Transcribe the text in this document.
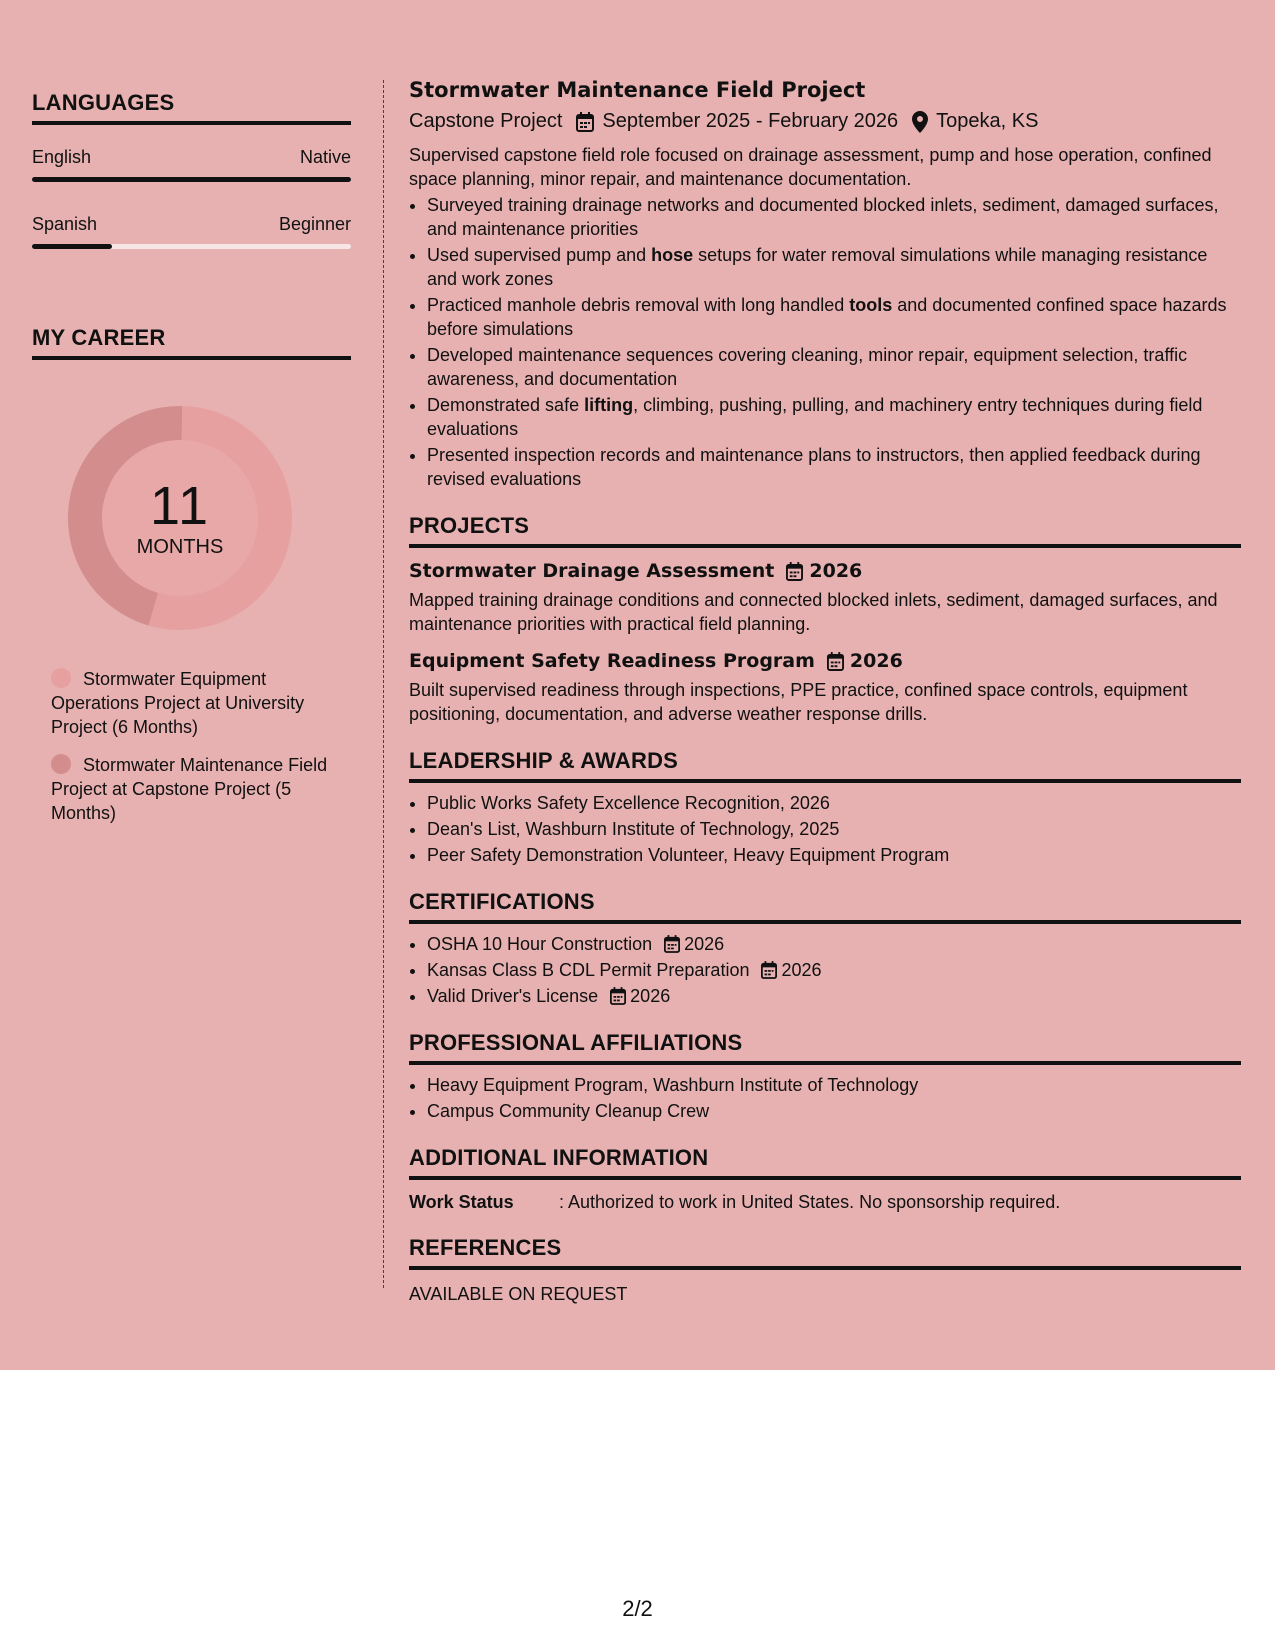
LANGUAGES
English	Native
Spanish	Beginner
MY CAREER
11
MONTHS
Stormwater Equipment Operations Project at University Project (6 Months)
Stormwater Maintenance Field Project at Capstone Project (5 Months)
Stormwater Maintenance Field Project
Capstone Project September 2025 - February 2026 Topeka, KS
Supervised capstone field role focused on drainage assessment, pump and hose operation, confined space planning, minor repair, and maintenance documentation.
• Surveyed training drainage networks and documented blocked inlets, sediment, damaged surfaces, and maintenance priorities
• Used supervised pump and hose setups for water removal simulations while managing resistance and work zones
• Practiced manhole debris removal with long handled tools and documented confined space hazards before simulations
• Developed maintenance sequences covering cleaning, minor repair, equipment selection, traffic awareness, and documentation
• Demonstrated safe lifting, climbing, pushing, pulling, and machinery entry techniques during field evaluations
• Presented inspection records and maintenance plans to instructors, then applied feedback during revised evaluations
PROJECTS
Stormwater Drainage Assessment 2026
Mapped training drainage conditions and connected blocked inlets, sediment, damaged surfaces, and maintenance priorities with practical field planning.
Equipment Safety Readiness Program 2026
Built supervised readiness through inspections, PPE practice, confined space controls, equipment positioning, documentation, and adverse weather response drills.
LEADERSHIP & AWARDS
• Public Works Safety Excellence Recognition, 2026
• Dean's List, Washburn Institute of Technology, 2025
• Peer Safety Demonstration Volunteer, Heavy Equipment Program
CERTIFICATIONS
• OSHA 10 Hour Construction 2026
• Kansas Class B CDL Permit Preparation 2026
• Valid Driver's License 2026
PROFESSIONAL AFFILIATIONS
• Heavy Equipment Program, Washburn Institute of Technology
• Campus Community Cleanup Crew
ADDITIONAL INFORMATION
Work Status	: Authorized to work in United States. No sponsorship required.
REFERENCES
AVAILABLE ON REQUEST
2/2
